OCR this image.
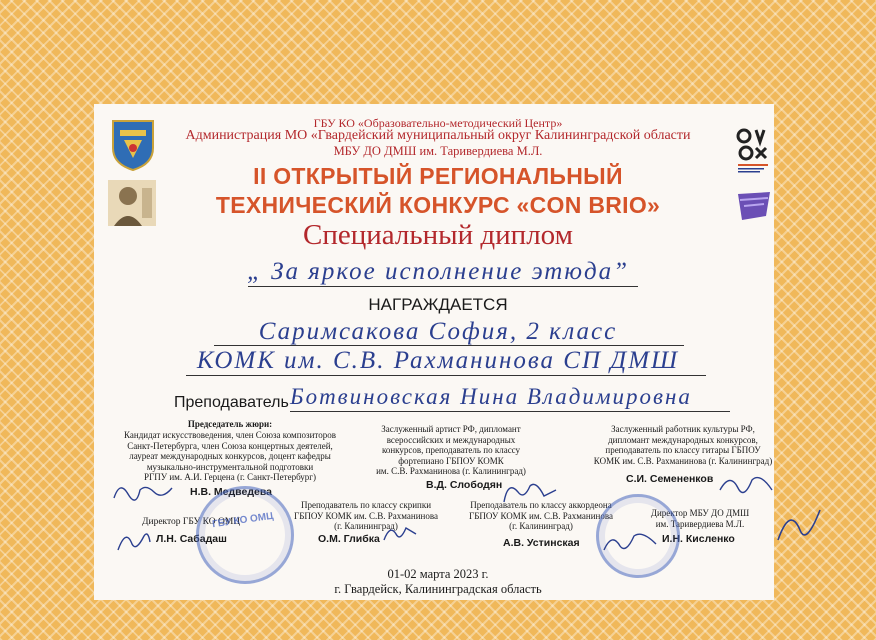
ГБУ КО «Образовательно-методический Центр»
Администрация МО «Гвардейский муниципальный округ Калининградской области
МБУ ДО ДМШ им. Таривердиева М.Л.
II ОТКРЫТЫЙ РЕГИОНАЛЬНЫЙ
ТЕХНИЧЕСКИЙ КОНКУРС «CON BRIO»
Специальный диплом
„ За яркое исполнение этюда”
НАГРАЖДАЕТСЯ
Саримсакова София, 2 класс
КОМК им. С.В. Рахманинова СП ДМШ
Преподаватель Ботвиновская Нина Владимировна
Председатель жюри:
Кандидат искусствоведения, член Союза композиторов
Санкт-Петербурга, член Союза концертных деятелей,
лауреат международных конкурсов, доцент кафедры
музыкально-инструментальной подготовки
РГПУ им. А.И. Герцена (г. Санкт-Петербург)
Н.В. Медведева
Заслуженный артист РФ, дипломант
всероссийских и международных
конкурсов, преподаватель по классу
фортепиано ГБПОУ КОМК
им. С.В. Рахманинова (г. Калининград)
В.Д. Слободян
Заслуженный работник культуры РФ,
дипломант международных конкурсов,
преподаватель по классу гитары ГБПОУ
КОМК им. С.В. Рахманинова (г. Калининград)
С.И. Семененков
Преподаватель по классу скрипки
ГБПОУ КОМК им. С.В. Рахманинова
(г. Калининград)
О.М. Глибка
Преподаватель по классу аккордеона
ГБПОУ КОМК им. С.В. Рахманинова
(г. Калининград)
А.В. Устинская
Директор ГБУ КО ОМЦ
Л.Н. Сабадаш
Директор МБУ ДО ДМШ
им. Таривердиева М.Л.
И.Н. Кисленко
ГБУ КО ОМЦ
01-02 марта 2023 г.
г. Гвардейск, Калининградская область
